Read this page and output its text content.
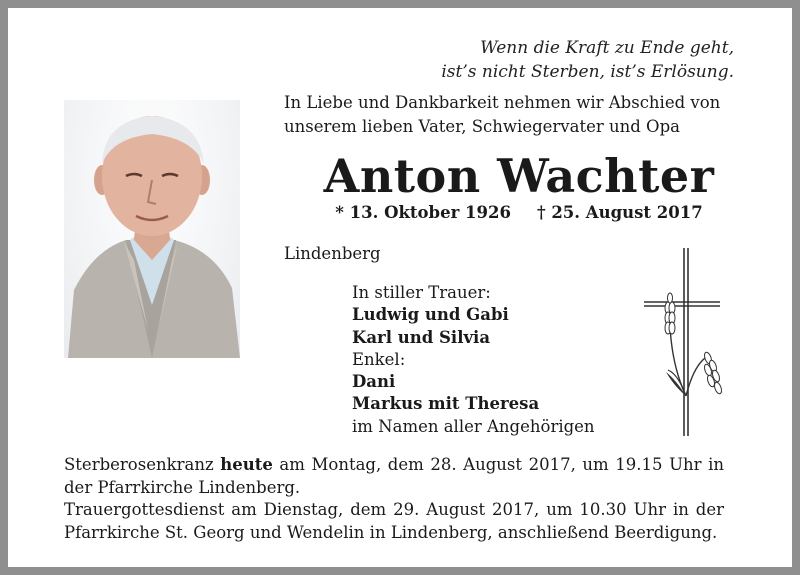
Wenn die Kraft zu Ende geht,
ist’s nicht Sterben, ist’s Erlösung.
In Liebe und Dankbarkeit nehmen wir Abschied von
unserem lieben Vater, Schwiegervater und Opa
Anton Wachter
* 13. Oktober 1926 † 25. August 2017
Lindenberg
In stiller Trauer:
Ludwig und Gabi
Karl und Silvia
Enkel:
Dani
Markus mit Theresa
im Namen aller Angehörigen

Sterberosenkranz heute am Montag, dem 28. August 2017, um 19.15 Uhr in der Pfarrkirche Lindenberg.

Trauergottesdienst am Dienstag, dem 29. August 2017, um 10.30 Uhr in der Pfarrkirche St. Georg und Wendelin in Lindenberg, anschließend Beerdigung.
